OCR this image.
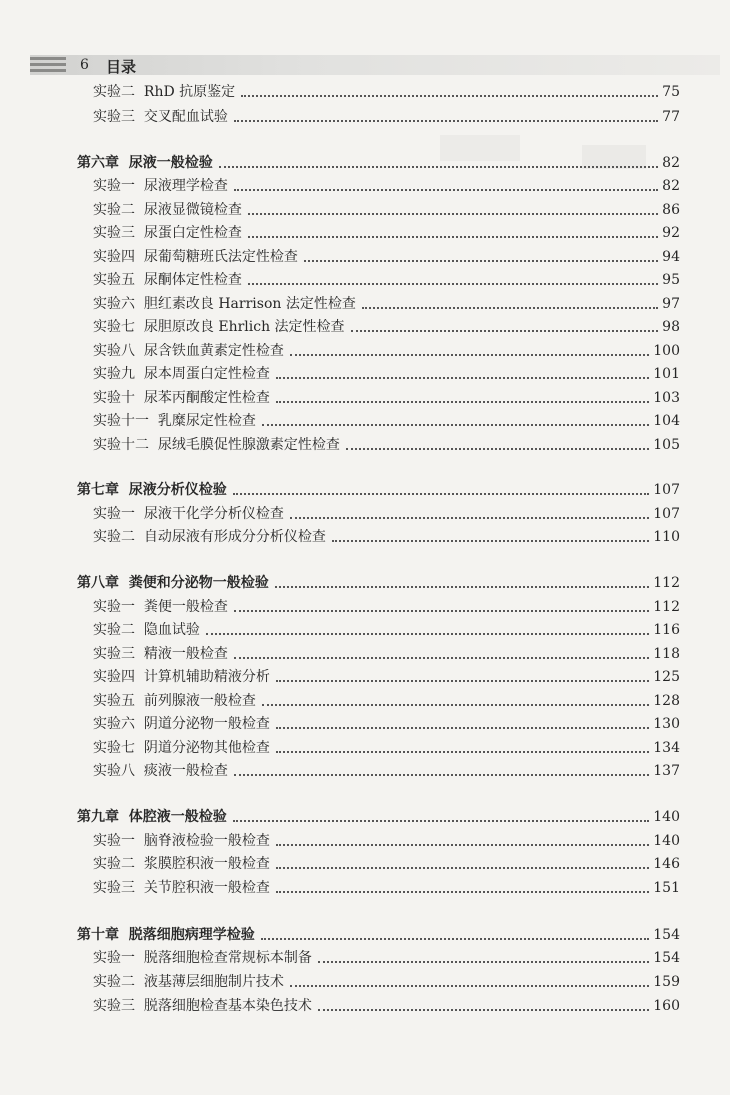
6 目录
实验二  RhD 抗原鉴定	75
实验三  交叉配血试验	77
第六章  尿液一般检验	82
实验一  尿液理学检查	82
实验二  尿液显微镜检查	86
实验三  尿蛋白定性检查	92
实验四  尿葡萄糖班氏法定性检查	94
实验五  尿酮体定性检查	95
实验六  胆红素改良 Harrison 法定性检查	97
实验七  尿胆原改良 Ehrlich 法定性检查	98
实验八  尿含铁血黄素定性检查	100
实验九  尿本周蛋白定性检查	101
实验十  尿苯丙酮酸定性检查	103
实验十一  乳糜尿定性检查	104
实验十二  尿绒毛膜促性腺激素定性检查	105
第七章  尿液分析仪检验	107
实验一  尿液干化学分析仪检查	107
实验二  自动尿液有形成分分析仪检查	110
第八章  粪便和分泌物一般检验	112
实验一  粪便一般检查	112
实验二  隐血试验	116
实验三  精液一般检查	118
实验四  计算机辅助精液分析	125
实验五  前列腺液一般检查	128
实验六  阴道分泌物一般检查	130
实验七  阴道分泌物其他检查	134
实验八  痰液一般检查	137
第九章  体腔液一般检验	140
实验一  脑脊液检验一般检查	140
实验二  浆膜腔积液一般检查	146
实验三  关节腔积液一般检查	151
第十章  脱落细胞病理学检验	154
实验一  脱落细胞检查常规标本制备	154
实验二  液基薄层细胞制片技术	159
实验三  脱落细胞检查基本染色技术	160
